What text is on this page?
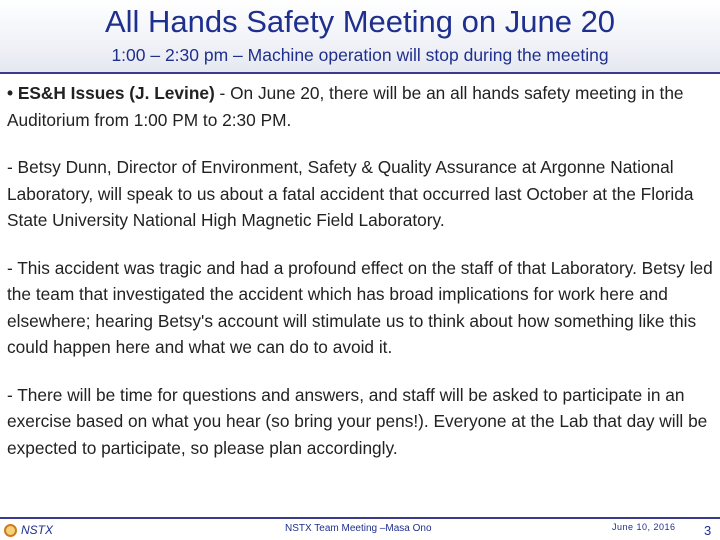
All Hands Safety Meeting on June 20
1:00 – 2:30 pm – Machine operation will stop during the meeting

• ES&H Issues (J. Levine) - On June 20, there will be an all hands safety meeting in the Auditorium from 1:00 PM to 2:30 PM.

- Betsy Dunn, Director of Environment, Safety & Quality Assurance at Argonne National Laboratory, will speak to us about a fatal accident that occurred last October at the Florida State University National High Magnetic Field Laboratory.

- This accident was tragic and had a profound effect on the staff of that Laboratory. Betsy led the team that investigated the accident which has broad implications for work here and elsewhere; hearing Betsy's account will stimulate us to think about how something like this could happen here and what we can do to avoid it.

- There will be time for questions and answers, and staff will be asked to participate in an exercise based on what you hear (so bring your pens!). Everyone at the Lab that day will be expected to participate, so please plan accordingly.

NSTX	NSTX Team Meeting –Masa Ono	June 10, 2016 3
